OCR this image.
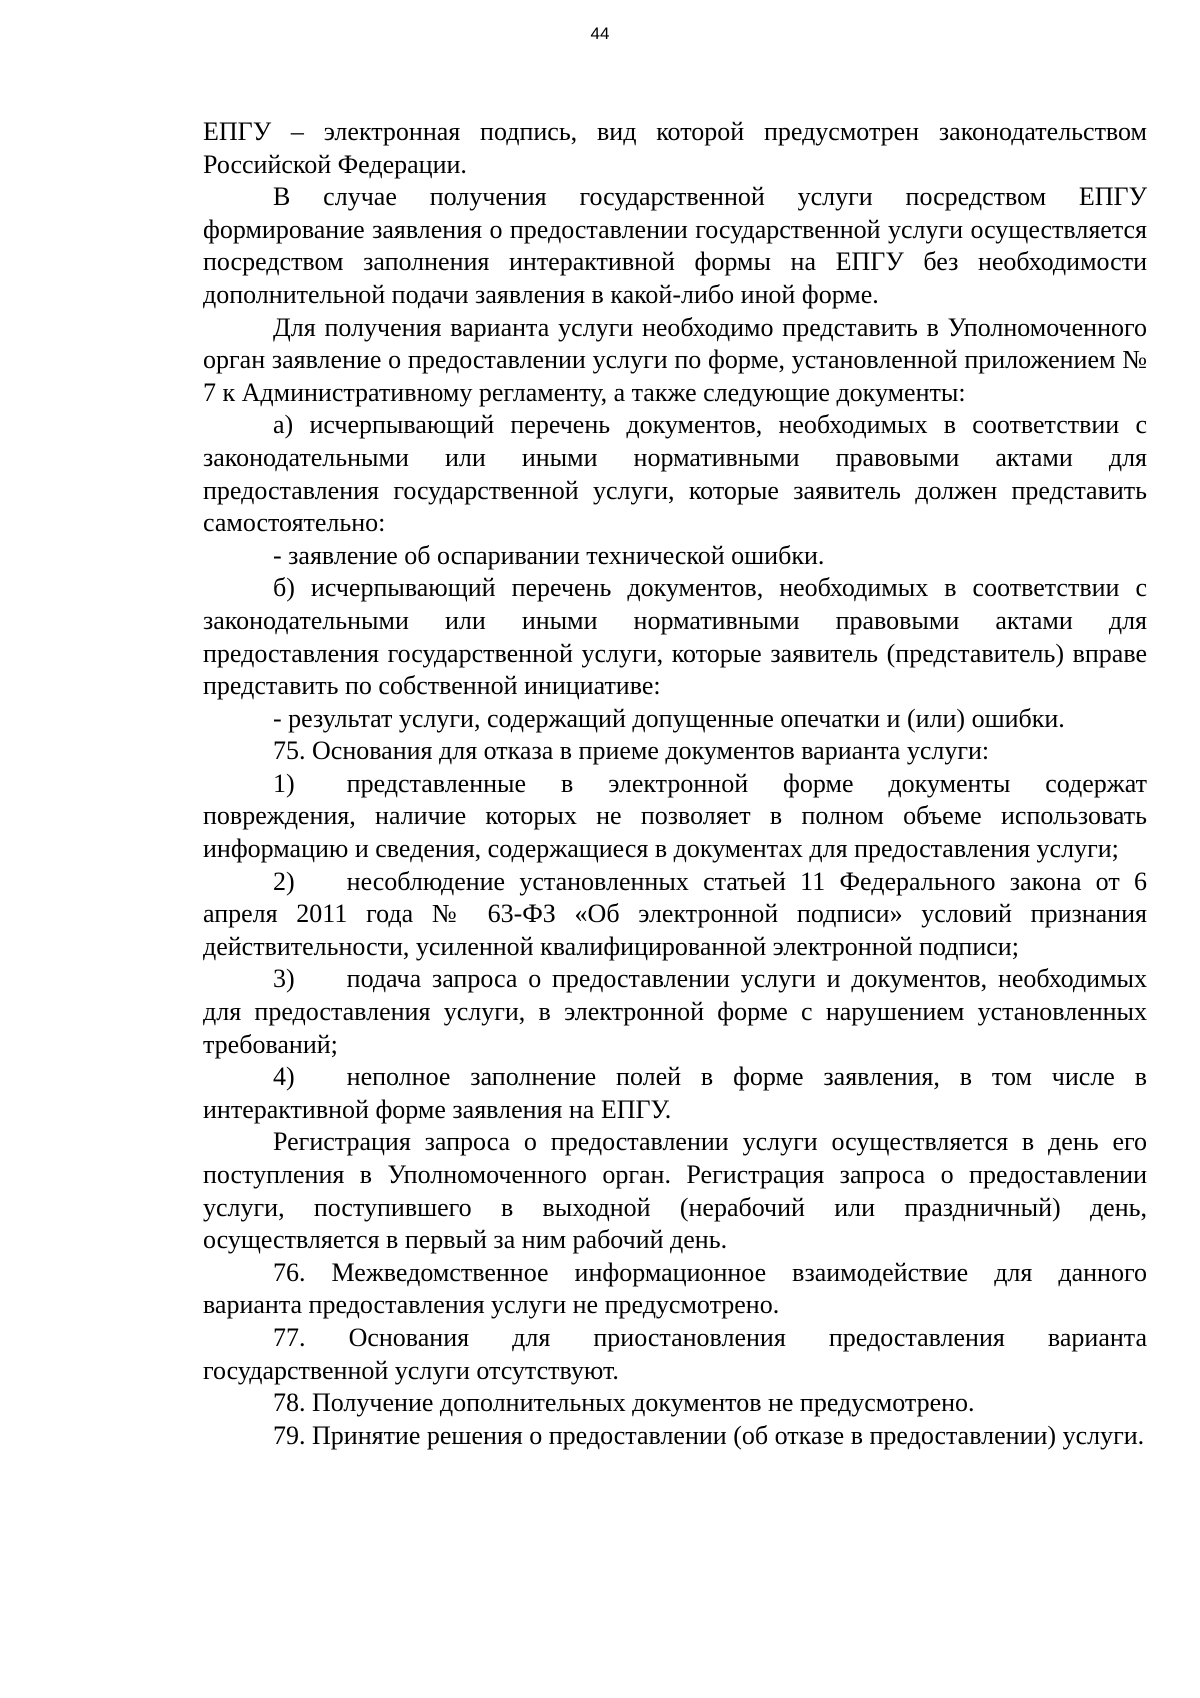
44

ЕПГУ – электронная подпись, вид которой предусмотрен законодательством Российской Федерации.

В случае получения государственной услуги посредством ЕПГУ формирование заявления о предоставлении государственной услуги осуществляется посредством заполнения интерактивной формы на ЕПГУ без необходимости дополнительной подачи заявления в какой-либо иной форме.

Для получения варианта услуги необходимо представить в Уполномоченного орган заявление о предоставлении услуги по форме, установленной приложением № 7 к Административному регламенту, а также следующие документы:

а) исчерпывающий перечень документов, необходимых в соответствии с законодательными или иными нормативными правовыми актами для предоставления государственной услуги, которые заявитель должен представить самостоятельно:

- заявление об оспаривании технической ошибки.

б) исчерпывающий перечень документов, необходимых в соответствии с законодательными или иными нормативными правовыми актами для предоставления государственной услуги, которые заявитель (представитель) вправе представить по собственной инициативе:

- результат услуги, содержащий допущенные опечатки и (или) ошибки.

75. Основания для отказа в приеме документов варианта услуги:

1)  представленные в электронной форме документы содержат повреждения, наличие которых не позволяет в полном объеме использовать информацию и сведения, содержащиеся в документах для предоставления услуги;

2)  несоблюдение установленных статьей 11 Федерального закона от 6 апреля 2011 года № 63-ФЗ «Об электронной подписи» условий признания действительности, усиленной квалифицированной электронной подписи;

3)  подача запроса о предоставлении услуги и документов, необходимых для предоставления услуги, в электронной форме с нарушением установленных требований;

4)  неполное заполнение полей в форме заявления, в том числе в интерактивной форме заявления на ЕПГУ.

Регистрация запроса о предоставлении услуги осуществляется в день его поступления в Уполномоченного орган. Регистрация запроса о предоставлении услуги, поступившего в выходной (нерабочий или праздничный) день, осуществляется в первый за ним рабочий день.

76. Межведомственное информационное взаимодействие для данного варианта предоставления услуги не предусмотрено.

77. Основания для приостановления предоставления варианта государственной услуги отсутствуют.

78. Получение дополнительных документов не предусмотрено.

79. Принятие решения о предоставлении (об отказе в предоставлении) услуги.
